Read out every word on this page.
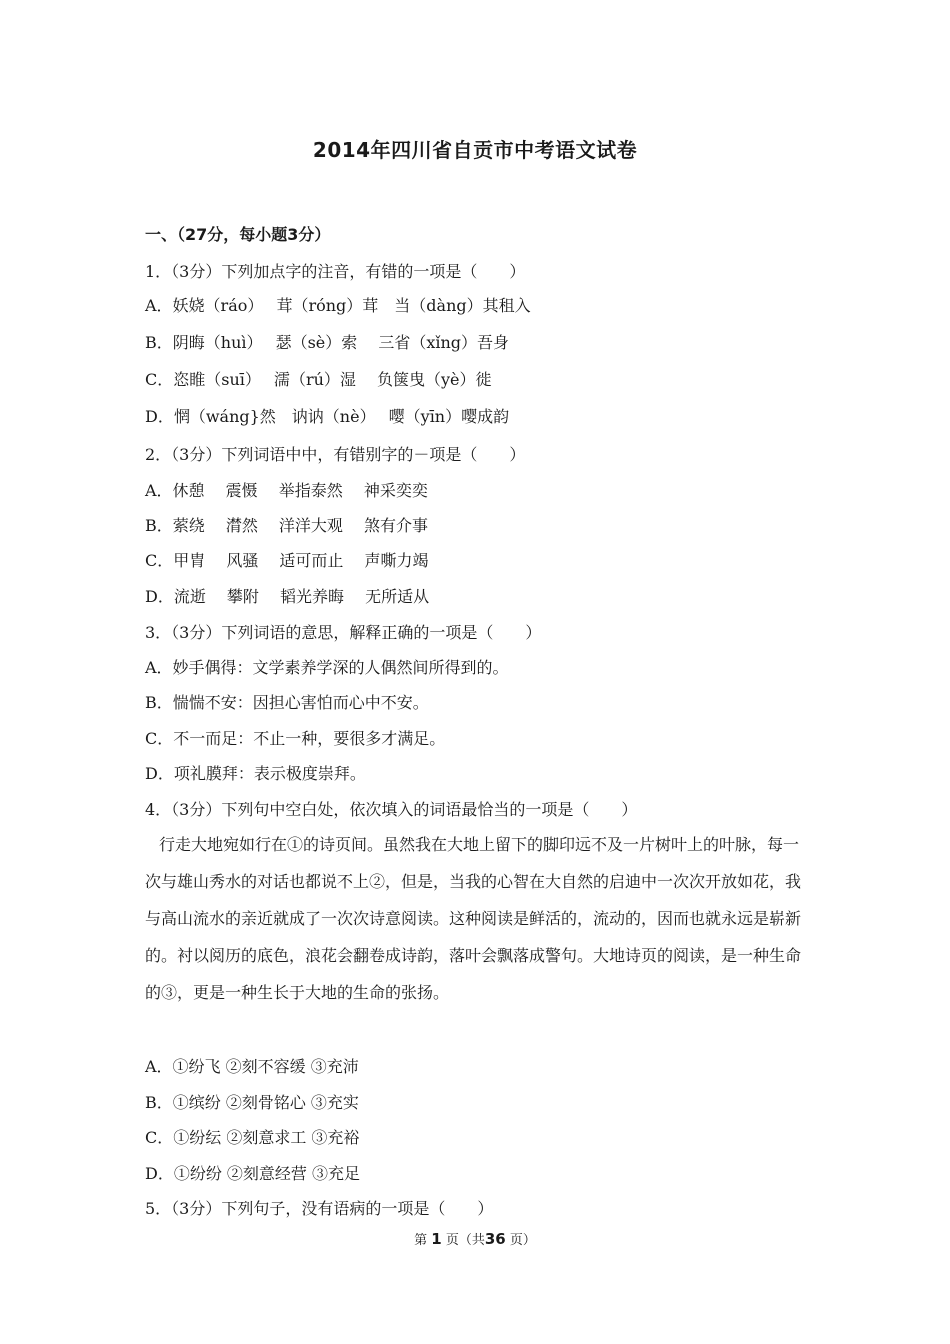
2014年四川省自贡市中考语文试卷
一、（27分，每小题3分）
1．（3分）下列加点字的注音，有错的一项是（　　）
A．妖娆（ráo）　 茸（róng）茸　当（dàng）其租入
B．阴晦（huì）　 瑟（sè）索　 三省（xǐng）吾身
C．恣睢（suī）　 濡（rú）湿　 负箧曳（yè）徙
D．惘（wáng}然　讷讷（nè）　 嘤（yīn）嘤成韵
2．（3分）下列词语中中，有错别字的－项是（　　）
A．休憩　 震慑　 举指泰然　 神采奕奕
B．萦绕　 潸然　 洋洋大观　 煞有介事
C．甲胄　 风骚　 适可而止　 声嘶力竭
D．流逝　 攀附　 韬光养晦　 无所适从
3．（3分）下列词语的意思，解释正确的一项是（　　）
A．妙手偶得：文学素养学深的人偶然间所得到的。
B．惴惴不安：因担心害怕而心中不安。
C．不一而足：不止一种，要很多才满足。
D．项礼膜拜：表示极度崇拜。
4．（3分）下列句中空白处，依次填入的词语最恰当的一项是（　　）
行走大地宛如行在①的诗页间。虽然我在大地上留下的脚印远不及一片树叶上的叶脉，每一次与雄山秀水的对话也都说不上②，但是，当我的心智在大自然的启迪中一次次开放如花，我与高山流水的亲近就成了一次次诗意阅读。这种阅读是鲜活的，流动的，因而也就永远是崭新的。衬以阅历的底色，浪花会翻卷成诗韵，落叶会飘落成警句。大地诗页的阅读，是一种生命的③，更是一种生长于大地的生命的张扬。
A．①纷飞 ②刻不容缓 ③充沛
B．①缤纷 ②刻骨铭心 ③充实
C．①纷纭 ②刻意求工 ③充裕
D．①纷纷 ②刻意经营 ③充足
5．（3分）下列句子，没有语病的一项是（　　）
第 1 页（共36 页）
